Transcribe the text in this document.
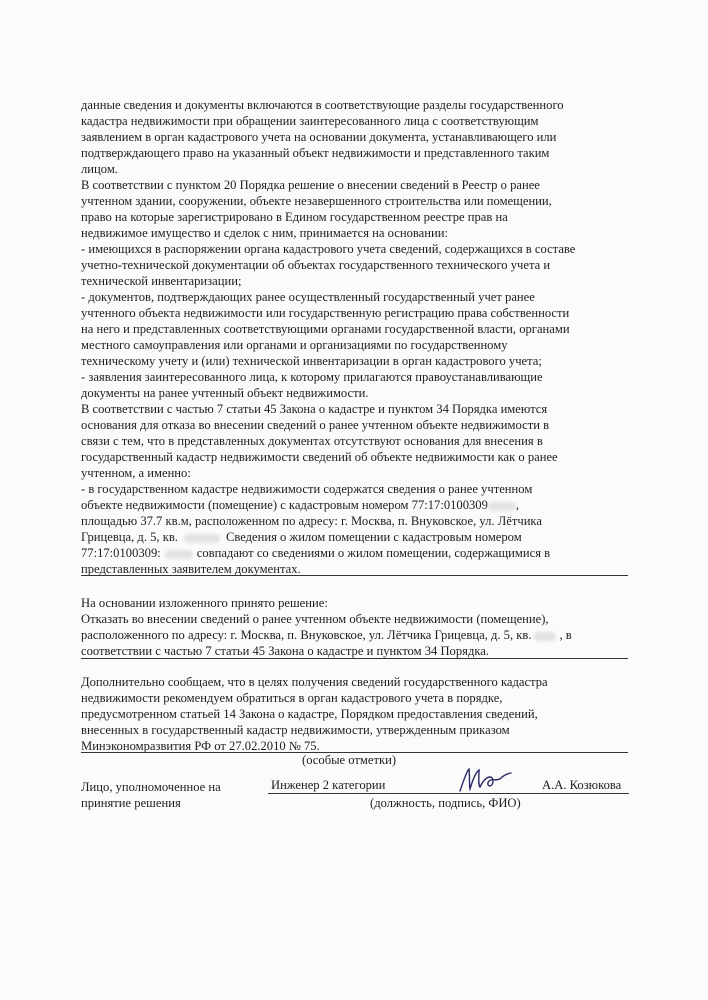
данные сведения и документы включаются в соответствующие разделы государственного
кадастра недвижимости при обращении заинтересованного лица с соответствующим
заявлением в орган кадастрового учета на основании документа, устанавливающего или
подтверждающего право на указанный объект недвижимости и представленного таким
лицом.
В соответствии с пунктом 20 Порядка решение о внесении сведений в Реестр о ранее
учтенном здании, сооружении, объекте незавершенного строительства или помещении,
право на которые зарегистрировано в Едином государственном реестре прав на
недвижимое имущество и сделок с ним, принимается на основании:
- имеющихся в распоряжении органа кадастрового учета сведений, содержащихся в составе
учетно-технической документации об объектах государственного технического учета и
технической инвентаризации;
- документов, подтверждающих ранее осуществленный государственный учет ранее
учтенного объекта недвижимости или государственную регистрацию права собственности
на него и представленных соответствующими органами государственной власти, органами
местного самоуправления или органами и организациями по государственному
техническому учету и (или) технической инвентаризации в орган кадастрового учета;
- заявления заинтересованного лица, к которому прилагаются правоустанавливающие
документы на ранее учтенный объект недвижимости.
В соответствии с частью 7 статьи 45 Закона о кадастре и пунктом 34 Порядка имеются
основания для отказа во внесении сведений о ранее учтенном объекте недвижимости в
связи с тем, что в представленных документах отсутствуют основания для внесения в
государственный кадастр недвижимости сведений об объекте недвижимости как о ранее
учтенном, а именно:
- в государственном кадастре недвижимости содержатся сведения о ранее учтенном
объекте недвижимости (помещение) с кадастровым номером 77:17:0100309 ,
площадью 37.7 кв.м, расположенном по адресу: г. Москва, п. Внуковское, ул. Лётчика
Грицевца, д. 5, кв.	Сведения о жилом помещении с кадастровым номером
77:17:0100309:	совпадают со сведениями о жилом помещении, содержащимися в
представленных заявителем документах.
На основании изложенного принято решение:
Отказать во внесении сведений о ранее учтенном объекте недвижимости (помещение),
расположенного по адресу: г. Москва, п. Внуковское, ул. Лётчика Грицевца, д. 5, кв. , в
соответствии с частью 7 статьи 45 Закона о кадастре и пунктом 34 Порядка.
Дополнительно сообщаем, что в целях получения сведений государственного кадастра
недвижимости рекомендуем обратиться в орган кадастрового учета в порядке,
предусмотренном статьей 14 Закона о кадастре, Порядком предоставления сведений,
внесенных в государственный кадастр недвижимости, утвержденным приказом
Минэкономразвития РФ от 27.02.2010 № 75.
(особые отметки)
Лицо, уполномоченное на
принятие решения
Инженер 2 категории	А.А. Козюкова
(должность, подпись, ФИО)
